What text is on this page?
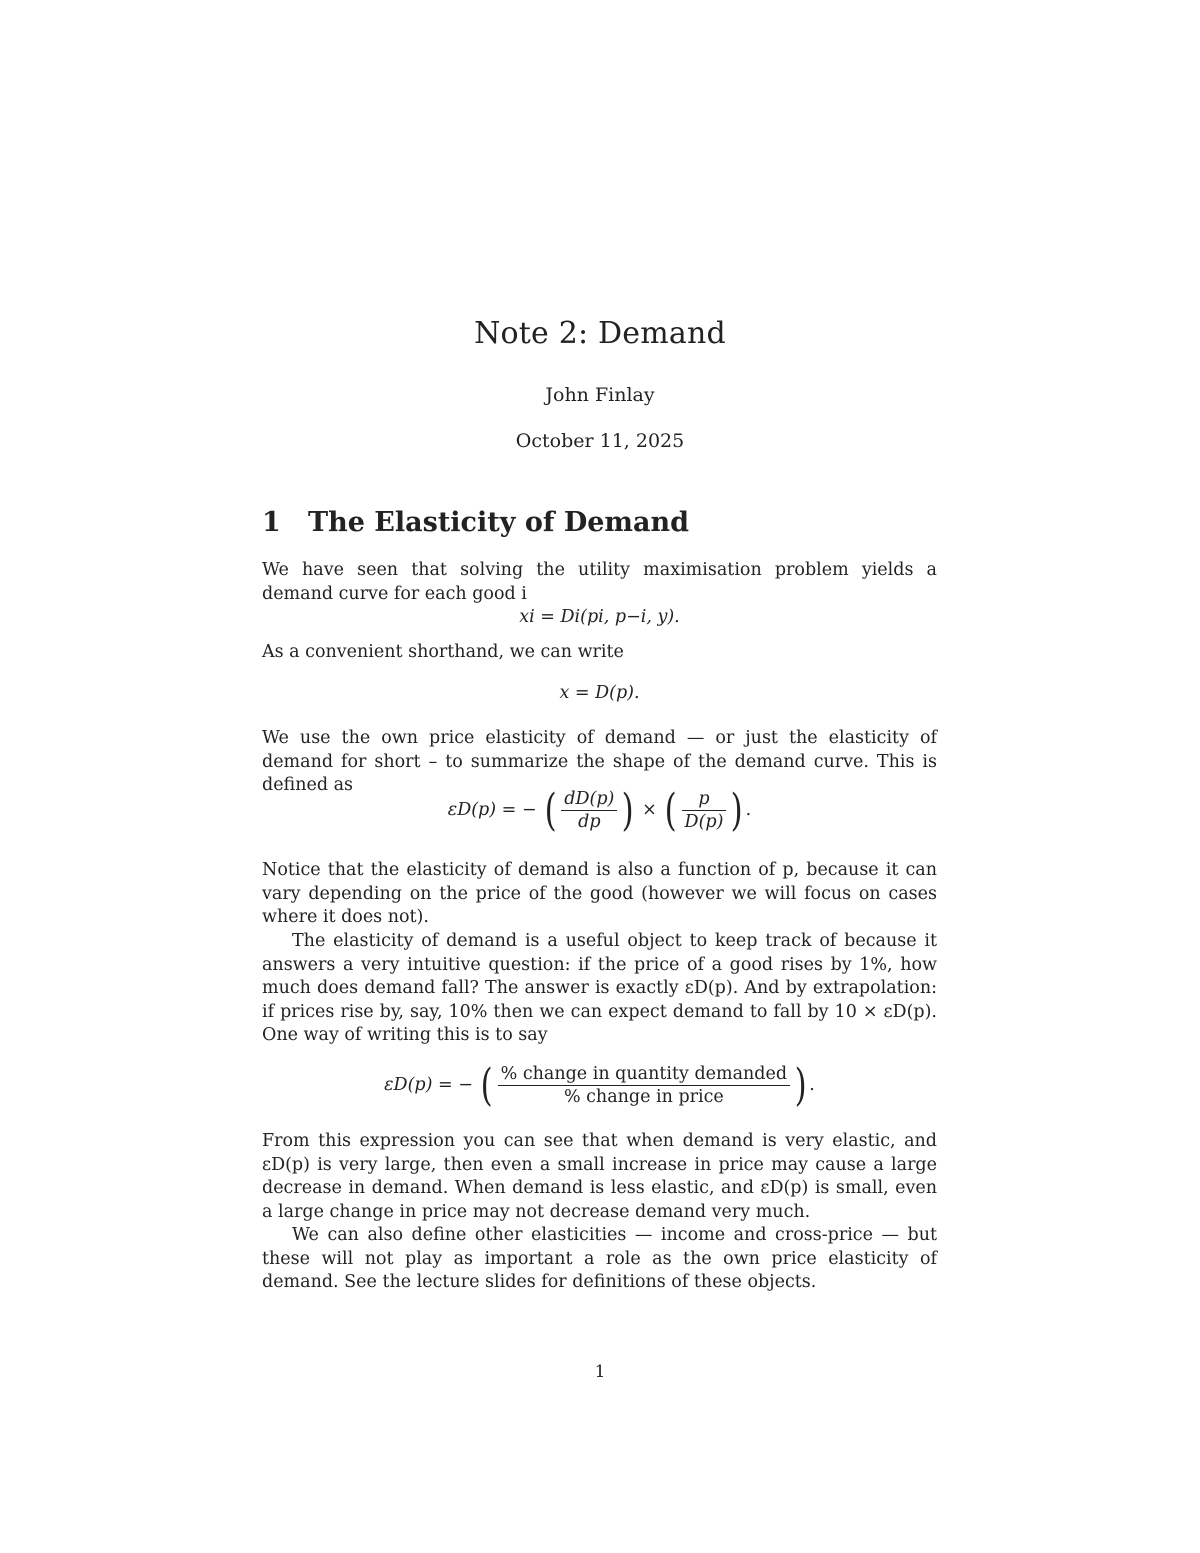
Note 2: Demand
John Finlay
October 11, 2025
1 The Elasticity of Demand
We have seen that solving the utility maximisation problem yields a demand curve for each good i
xi = Di(pi, p−i, y).
As a convenient shorthand, we can write
x = D(p).
We use the own price elasticity of demand — or just the elasticity of demand for short – to summarize the shape of the demand curve. This is defined as
εD(p) = − ( $\frac{dD(p)}{dp}$ ) × ( $\frac{p}{D(p)}$ ) .
Notice that the elasticity of demand is also a function of p, because it can vary depending on the price of the good (however we will focus on cases where it does not).
The elasticity of demand is a useful object to keep track of because it answers a very intuitive question: if the price of a good rises by 1%, how much does demand fall? The answer is exactly εD(p). And by extrapolation: if prices rise by, say, 10% then we can expect demand to fall by 10 × εD(p). One way of writing this is to say
εD(p) = − ( $\frac{\text{\% change in quantity demanded}}{\text{\% change in price}}$ ) .
From this expression you can see that when demand is very elastic, and εD(p) is very large, then even a small increase in price may cause a large decrease in demand. When demand is less elastic, and εD(p) is small, even a large change in price may not decrease demand very much.
We can also define other elasticities — income and cross-price — but these will not play as important a role as the own price elasticity of demand. See the lecture slides for definitions of these objects.
1
